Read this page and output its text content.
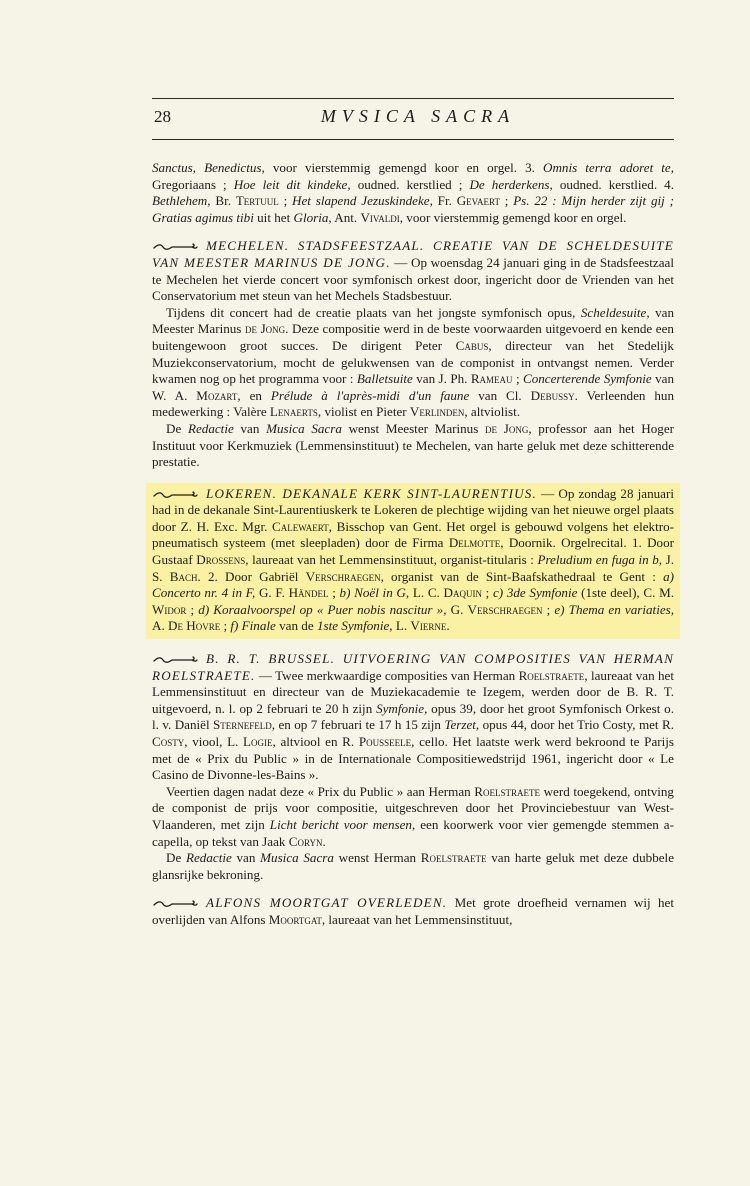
28	MVSICA SACRA

Sanctus, Benedictus, voor vierstemmig gemengd koor en orgel. 3. Omnis terra adoret te, Gregoriaans ; Hoe leit dit kindeke, oudned. kerstlied ; De herderkens, oudned. kerstlied. 4. Bethlehem, Br. Tertuul ; Het slapend Jezuskindeke, Fr. Gevaert ; Ps. 22 : Mijn herder zijt gij ; Gratias agimus tibi uit het Gloria, Ant. Vivaldi, voor vierstemmig gemengd koor en orgel.

MECHELEN. STADSFEESTZAAL. CREATIE VAN DE SCHELDESUITE VAN MEESTER MARINUS DE JONG. — Op woensdag 24 januari ging in de Stadsfeestzaal te Mechelen het vierde concert voor symfonisch orkest door, ingericht door de Vrienden van het Conservatorium met steun van het Mechels Stadsbestuur.

Tijdens dit concert had de creatie plaats van het jongste symfonisch opus, Scheldesuite, van Meester Marinus de Jong. Deze compositie werd in de beste voorwaarden uitgevoerd en kende een buitengewoon groot succes. De dirigent Peter Cabus, directeur van het Stedelijk Muziekconservatorium, mocht de gelukwensen van de componist in ontvangst nemen. Verder kwamen nog op het programma voor : Balletsuite van J. Ph. Rameau ; Concerterende Symfonie van W. A. Mozart, en Prélude à l'après-midi d'un faune van Cl. Debussy. Verleenden hun medewerking : Valère Lenaerts, violist en Pieter Verlinden, altviolist.

De Redactie van Musica Sacra wenst Meester Marinus de Jong, professor aan het Hoger Instituut voor Kerkmuziek (Lemmensinstituut) te Mechelen, van harte geluk met deze schitterende prestatie.

LOKEREN. DEKANALE KERK SINT-LAURENTIUS. — Op zondag 28 januari had in de dekanale Sint-Laurentiuskerk te Lokeren de plechtige wijding van het nieuwe orgel plaats door Z. H. Exc. Mgr. Calewaert, Bisschop van Gent. Het orgel is gebouwd volgens het elektro-pneumatisch systeem (met sleepladen) door de Firma Delmotte, Doornik. Orgelrecital. 1. Door Gustaaf Drossens, laureaat van het Lemmensinstituut, organist-titularis : Preludium en fuga in b, J. S. Bach. 2. Door Gabriël Verschraegen, organist van de Sint-Baafskathedraal te Gent : a) Concerto nr. 4 in F, G. F. Händel ; b) Noël in G, L. C. Daquin ; c) 3de Symfonie (1ste deel), C. M. Widor ; d) Koraalvoorspel op « Puer nobis nascitur », G. Verschraegen ; e) Thema en variaties, A. De Hovre ; f) Finale van de 1ste Symfonie, L. Vierne.

B. R. T. BRUSSEL. UITVOERING VAN COMPOSITIES VAN HERMAN ROELSTRAETE. — Twee merkwaardige composities van Herman Roelstraete, laureaat van het Lemmensinstituut en directeur van de Muziekacademie te Izegem, werden door de B. R. T. uitgevoerd, n. l. op 2 februari te 20 h zijn Symfonie, opus 39, door het groot Symfonisch Orkest o. l. v. Daniël Sternefeld, en op 7 februari te 17 h 15 zijn Terzet, opus 44, door het Trio Costy, met R. Costy, viool, L. Logie, altviool en R. Pousseele, cello. Het laatste werk werd bekroond te Parijs met de « Prix du Public » in de Internationale Compositiewedstrijd 1961, ingericht door « Le Casino de Divonne-les-Bains ».

Veertien dagen nadat deze « Prix du Public » aan Herman Roelstraete werd toegekend, ontving de componist de prijs voor compositie, uitgeschreven door het Provinciebestuur van West-Vlaanderen, met zijn Licht bericht voor mensen, een koorwerk voor vier gemengde stemmen a-capella, op tekst van Jaak Coryn.

De Redactie van Musica Sacra wenst Herman Roelstraete van harte geluk met deze dubbele glansrijke bekroning.

ALFONS MOORTGAT OVERLEDEN. Met grote droefheid vernamen wij het overlijden van Alfons Moortgat, laureaat van het Lemmensinstituut,
